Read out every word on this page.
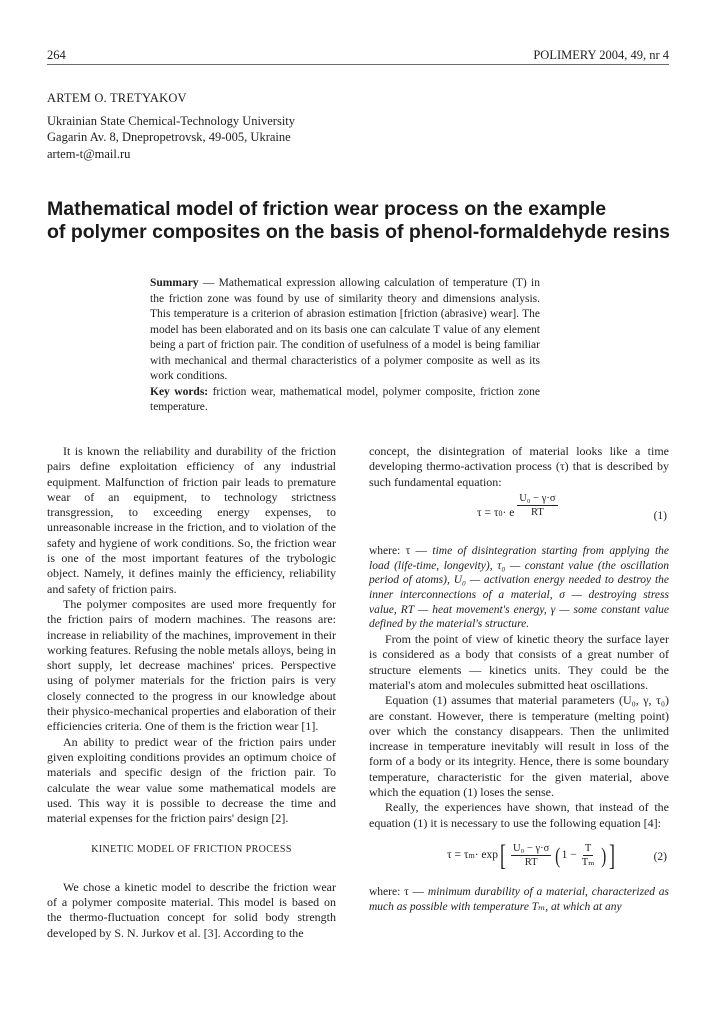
264	POLIMERY 2004, 49, nr 4
ARTEM O. TRETYAKOV
Ukrainian State Chemical-Technology University
Gagarin Av. 8, Dnepropetrovsk, 49-005, Ukraine
artem-t@mail.ru
Mathematical model of friction wear process on the example
of polymer composites on the basis of phenol-formaldehyde resins

Summary — Mathematical expression allowing calculation of temperature (T) in the friction zone was found by use of similarity theory and dimensions analysis. This temperature is a criterion of abrasion estimation [friction (abrasive) wear]. The model has been elaborated and on its basis one can calculate T value of any element being a part of friction pair. The condition of usefulness of a model is being familiar with mechanical and thermal characteristics of a polymer composite as well as its work conditions.

Key words: friction wear, mathematical model, polymer composite, friction zone temperature.

It is known the reliability and durability of the friction pairs define exploitation efficiency of any industrial equipment. Malfunction of friction pair leads to premature wear of an equipment, to technology strictness transgression, to exceeding energy expenses, to unreasonable increase in the friction, and to violation of the safety and hygiene of work conditions. So, the friction wear is one of the most important features of the trybologic object. Namely, it defines mainly the efficiency, reliability and safety of friction pairs.

The polymer composites are used more frequently for the friction pairs of modern machines. The reasons are: increase in reliability of the machines, improvement in their working features. Refusing the noble metals alloys, being in short supply, let decrease machines' prices. Perspective using of polymer materials for the friction pairs is very closely connected to the progress in our knowledge about their physico-mechanical properties and elaboration of their efficiencies criteria. One of them is the friction wear [1].

An ability to predict wear of the friction pairs under given exploiting conditions provides an optimum choice of materials and specific design of the friction pair. To calculate the wear value some mathematical models are used. This way it is possible to decrease the time and material expenses for the friction pairs' design [2].

KINETIC MODEL OF FRICTION PROCESS

We chose a kinetic model to describe the friction wear of a polymer composite material. This model is based on the thermo-fluctuation concept for solid body strength developed by S. N. Jurkov et al. [3]. According to the

concept, the disintegration of material looks like a time developing thermo-activation process (τ) that is described by such fundamental equation:

τ = τ 0 · e $\frac{\text{U₀ − γ·σ}}{RT}$	(1)

where: τ — time of disintegration starting from applying the load (life-time, longevity), τ₀ — constant value (the oscillation period of atoms), U₀ — activation energy needed to destroy the inner interconnections of a material, σ — destroying stress value, RT — heat movement's energy, γ — some constant value defined by the material's structure.

From the point of view of kinetic theory the surface layer is considered as a body that consists of a great number of structure elements — kinetics units. They could be the material's atom and molecules submitted heat oscillations.

Equation (1) assumes that material parameters (U₀, γ, τ₀) are constant. However, there is temperature (melting point) over which the constancy disappears. Then the unlimited increase in temperature inevitably will result in loss of the form of a body or its integrity. Hence, there is some boundary temperature, characteristic for the given material, above which the equation (1) loses the sense.

Really, the experiences have shown, that instead of the equation (1) it is necessary to use the following equation [4]:

τ = τ m · exp [ $\frac{\text{U₀ − γ·σ}}{RT}$ ( $1 - \frac{T}{\text{Tₘ}}$ ) ]	(2)

where: τ — minimum durability of a material, characterized as much as possible with temperature Tₘ, at which at any
